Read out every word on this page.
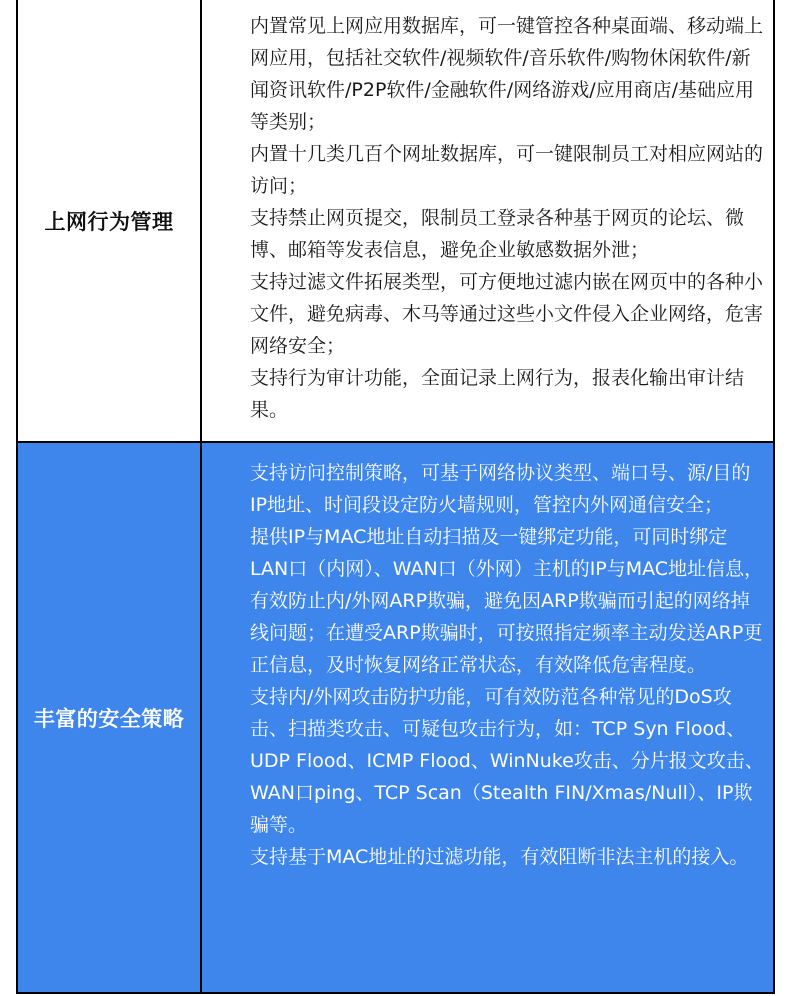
上网行为管理

内置常见上网应用数据库，可一键管控各种桌面端、移动端上网应用，包括社交软件/视频软件/音乐软件/购物休闲软件/新闻资讯软件/P2P软件/金融软件/网络游戏/应用商店/基础应用等类别；

内置十几类几百个网址数据库，可一键限制员工对相应网站的访问；

支持禁止网页提交，限制员工登录各种基于网页的论坛、微博、邮箱等发表信息，避免企业敏感数据外泄；

支持过滤文件拓展类型，可方便地过滤内嵌在网页中的各种小文件，避免病毒、木马等通过这些小文件侵入企业网络，危害网络安全；

支持行为审计功能，全面记录上网行为，报表化输出审计结果。

丰富的安全策略

支持访问控制策略，可基于网络协议类型、端口号、源/目的IP地址、时间段设定防火墙规则，管控内外网通信安全；

提供IP与MAC地址自动扫描及一键绑定功能，可同时绑定LAN口（内网）、WAN口（外网）主机的IP与MAC地址信息，有效防止内/外网ARP欺骗，避免因ARP欺骗而引起的网络掉线问题；在遭受ARP欺骗时，可按照指定频率主动发送ARP更正信息，及时恢复网络正常状态，有效降低危害程度。

支持内/外网攻击防护功能，可有效防范各种常见的DoS攻击、扫描类攻击、可疑包攻击行为，如：TCP Syn Flood、UDP Flood、ICMP Flood、WinNuke攻击、分片报文攻击、WAN口ping、TCP Scan（Stealth FIN/Xmas/Null）、IP欺骗等。

支持基于MAC地址的过滤功能，有效阻断非法主机的接入。
